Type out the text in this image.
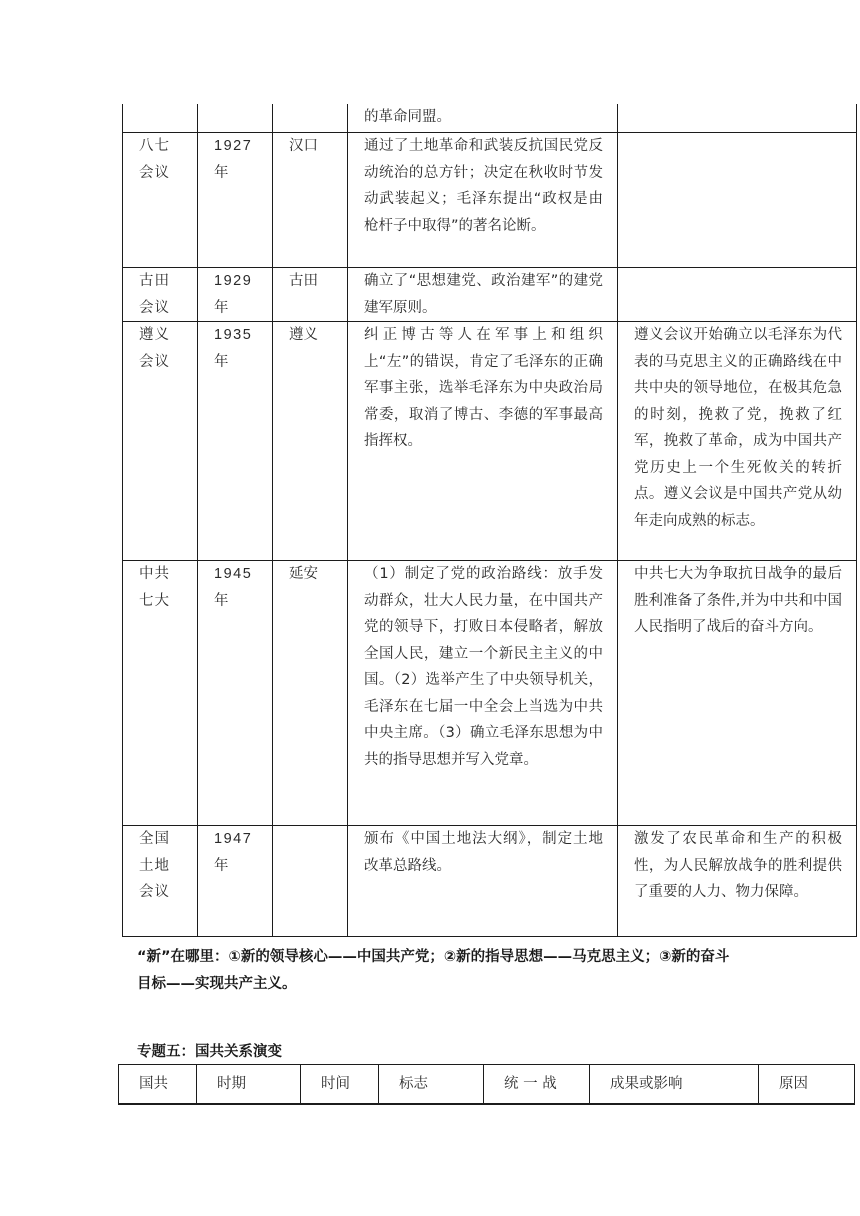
			的革命同盟。	

八七会议	1927年	汉口	通过了土地革命和武装反抗国民党反动统治的总方针；决定在秋收时节发动武装起义；毛泽东提出“政权是由枪杆子中取得”的著名论断。	

古田会议	1929年	古田	确立了“思想建党、政治建军”的建党建军原则。	

遵义会议	1935年	遵义	纠正博古等人在军事上和组织上“左”的错误，肯定了毛泽东的正确军事主张，选举毛泽东为中央政治局常委，取消了博古、李德的军事最高指挥权。	遵义会议开始确立以毛泽东为代表的马克思主义的正确路线在中共中央的领导地位，在极其危急的时刻，挽救了党，挽救了红军，挽救了革命，成为中国共产党历史上一个生死攸关的转折点。遵义会议是中国共产党从幼年走向成熟的标志。

中共七大	1945年	延安	（1）制定了党的政治路线：放手发动群众，壮大人民力量，在中国共产党的领导下，打败日本侵略者，解放全国人民，建立一个新民主主义的中国。（2）选举产生了中央领导机关，毛泽东在七届一中全会上当选为中共中央主席。（3）确立毛泽东思想为中共的指导思想并写入党章。	中共七大为争取抗日战争的最后胜利准备了条件,并为中共和中国人民指明了战后的奋斗方向。

全国土地会议	1947年		颁布《中国土地法大纲》，制定土地改革总路线。	激发了农民革命和生产的积极性，为人民解放战争的胜利提供了重要的人力、物力保障。
“新”在哪里：①新的领导核心——中国共产党；②新的指导思想——马克思主义；③新的奋斗目标——实现共产主义。
专题五：国共关系演变
国共	时期	时间	标志	统 一 战	成果或影响	原因
